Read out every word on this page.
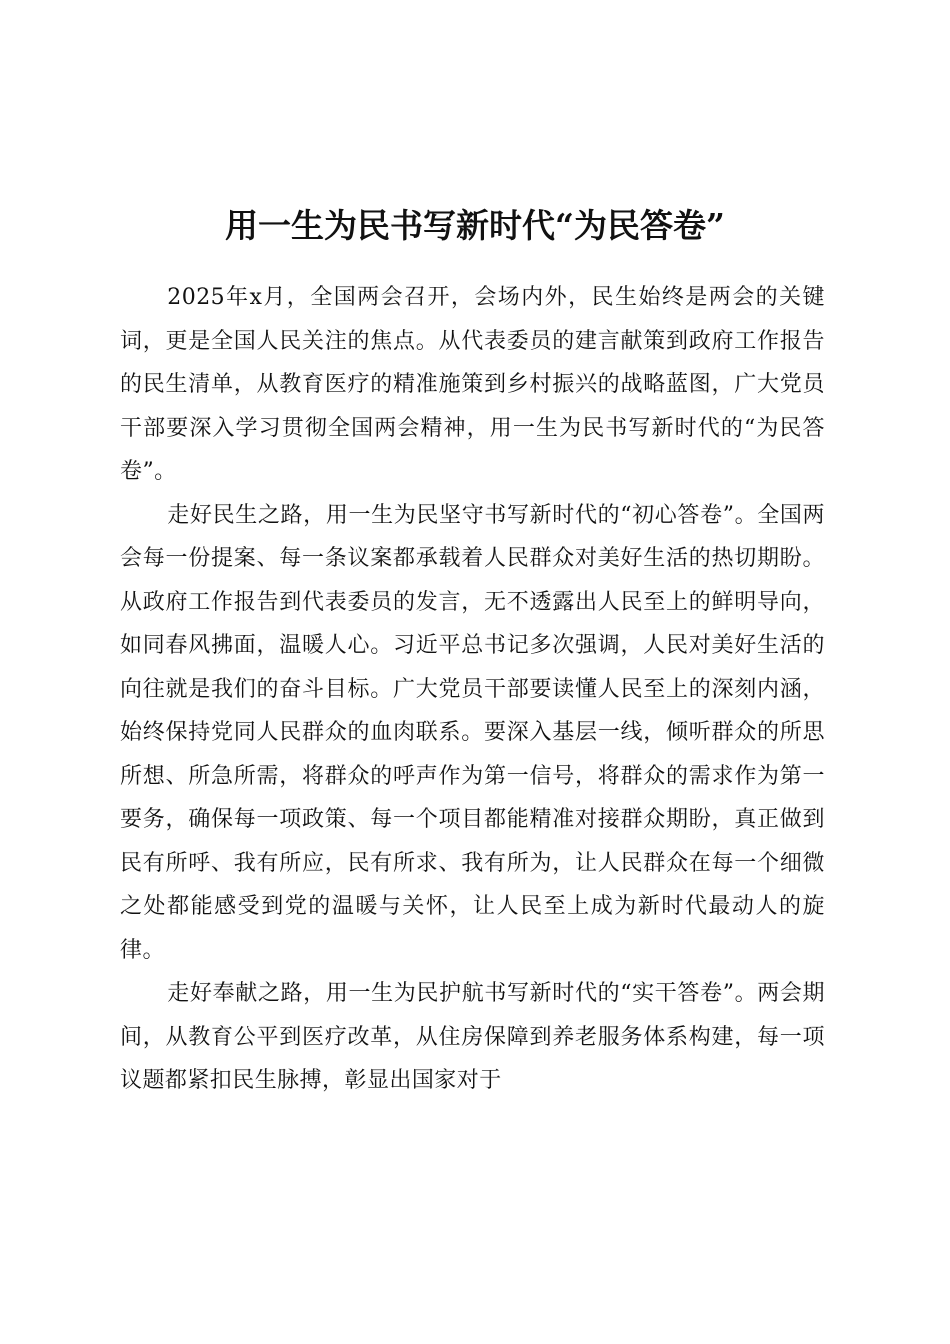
用一生为民书写新时代“为民答卷”

2025年x月，全国两会召开，会场内外，民生始终是两会的关键词，更是全国人民关注的焦点。从代表委员的建言献策到政府工作报告的民生清单，从教育医疗的精准施策到乡村振兴的战略蓝图，广大党员干部要深入学习贯彻全国两会精神，用一生为民书写新时代的“为民答卷”。

走好民生之路，用一生为民坚守书写新时代的“初心答卷”。全国两会每一份提案、每一条议案都承载着人民群众对美好生活的热切期盼。从政府工作报告到代表委员的发言，无不透露出人民至上的鲜明导向，如同春风拂面，温暖人心。习近平总书记多次强调，人民对美好生活的向往就是我们的奋斗目标。广大党员干部要读懂人民至上的深刻内涵，始终保持党同人民群众的血肉联系。要深入基层一线，倾听群众的所思所想、所急所需，将群众的呼声作为第一信号，将群众的需求作为第一要务，确保每一项政策、每一个项目都能精准对接群众期盼，真正做到民有所呼、我有所应，民有所求、我有所为，让人民群众在每一个细微之处都能感受到党的温暖与关怀，让人民至上成为新时代最动人的旋律。

走好奉献之路，用一生为民护航书写新时代的“实干答卷”。两会期间，从教育公平到医疗改革，从住房保障到养老服务体系构建，每一项议题都紧扣民生脉搏，彰显出国家对于
